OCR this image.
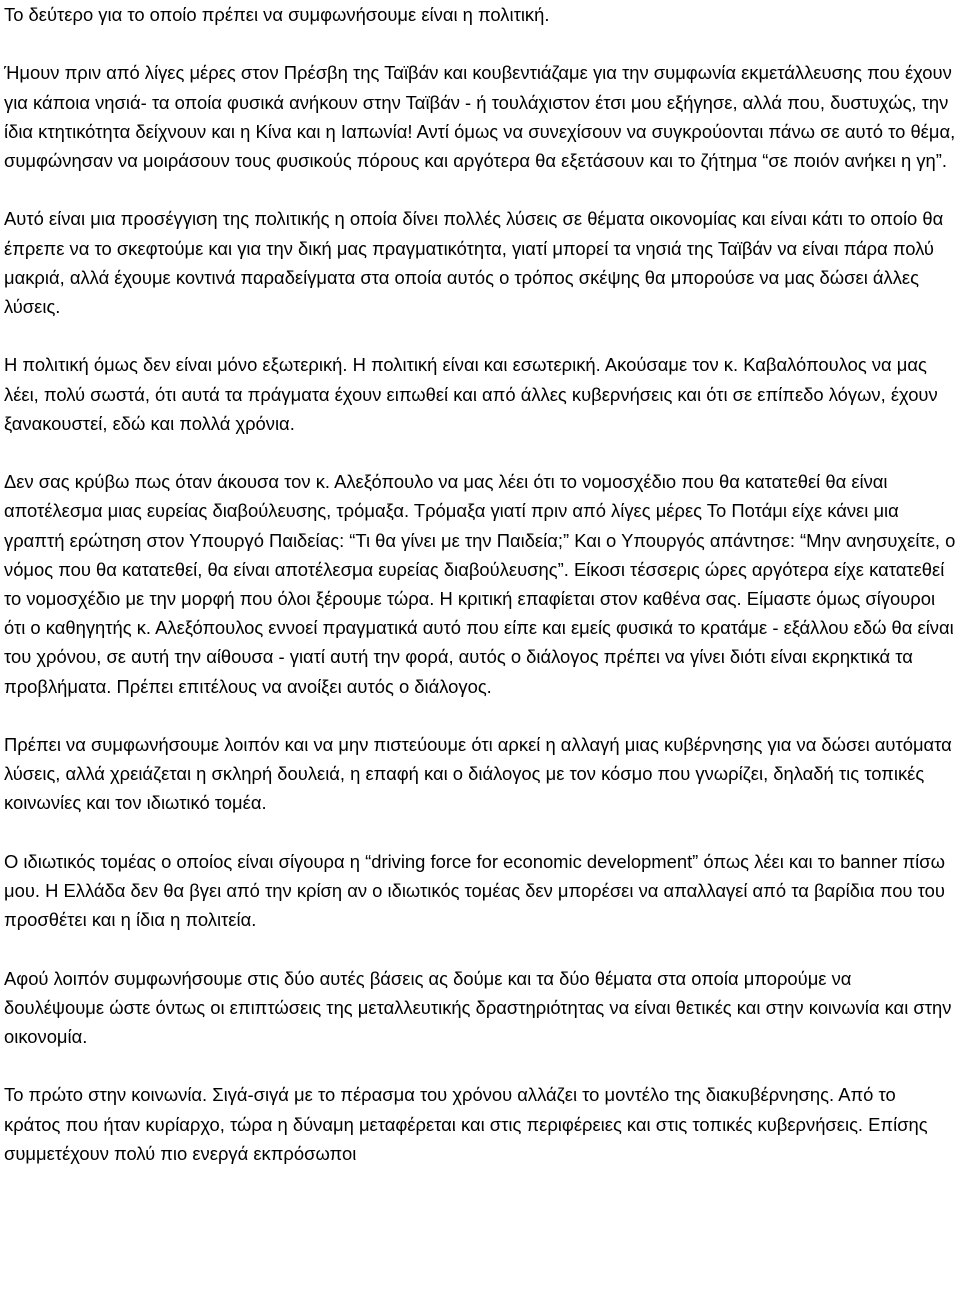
Το δεύτερο για το οποίο πρέπει να συμφωνήσουμε είναι η πολιτική.

Ήμουν πριν από λίγες μέρες στον Πρέσβη της Ταϊβάν και κουβεντιάζαμε για την συμφωνία εκμετάλλευσης που έχουν για κάποια νησιά- τα οποία φυσικά ανήκουν στην Ταϊβάν - ή τουλάχιστον έτσι μου εξήγησε, αλλά που, δυστυχώς, την ίδια κτητικότητα δείχνουν και η Κίνα και η Ιαπωνία! Αντί όμως να συνεχίσουν να συγκρούονται πάνω σε αυτό το θέμα, συμφώνησαν να μοιράσουν τους φυσικούς πόρους και αργότερα θα εξετάσουν και το ζήτημα “σε ποιόν ανήκει η γη”.

Αυτό είναι μια προσέγγιση της πολιτικής η οποία δίνει πολλές λύσεις σε θέματα οικονομίας και είναι κάτι το οποίο θα έπρεπε να το σκεφτούμε και για την δική μας πραγματικότητα, γιατί μπορεί τα νησιά της Ταϊβάν να είναι πάρα πολύ μακριά, αλλά έχουμε κοντινά παραδείγματα στα οποία αυτός ο τρόπος σκέψης θα μπορούσε να μας δώσει άλλες λύσεις.

Η πολιτική όμως δεν είναι μόνο εξωτερική. Η πολιτική είναι και εσωτερική. Ακούσαμε τον κ. Καβαλόπουλος να μας λέει, πολύ σωστά, ότι αυτά τα πράγματα έχουν ειπωθεί και από άλλες κυβερνήσεις και ότι σε επίπεδο λόγων, έχουν ξανακουστεί, εδώ και πολλά χρόνια.

Δεν σας κρύβω πως όταν άκουσα τον κ. Αλεξόπουλο να μας λέει ότι το νομοσχέδιο που θα κατατεθεί θα είναι αποτέλεσμα μιας ευρείας διαβούλευσης, τρόμαξα. Τρόμαξα γιατί πριν από λίγες μέρες Το Ποτάμι είχε κάνει μια γραπτή ερώτηση στον Υπουργό Παιδείας: “Τι θα γίνει με την Παιδεία;” Και ο Υπουργός απάντησε: “Μην ανησυχείτε, ο νόμος που θα κατατεθεί, θα είναι αποτέλεσμα ευρείας διαβούλευσης”. Είκοσι τέσσερις ώρες αργότερα είχε κατατεθεί το νομοσχέδιο με την μορφή που όλοι ξέρουμε τώρα. Η κριτική επαφίεται στον καθένα σας. Είμαστε όμως σίγουροι ότι ο καθηγητής κ. Αλεξόπουλος εννοεί πραγματικά αυτό που είπε και εμείς φυσικά το κρατάμε - εξάλλου εδώ θα είναι του χρόνου, σε αυτή την αίθουσα - γιατί αυτή την φορά, αυτός ο διάλογος πρέπει να γίνει διότι είναι εκρηκτικά τα προβλήματα. Πρέπει επιτέλους να ανοίξει αυτός ο διάλογος.

Πρέπει να συμφωνήσουμε λοιπόν και να μην πιστεύουμε ότι αρκεί η αλλαγή μιας κυβέρνησης για να δώσει αυτόματα λύσεις, αλλά χρειάζεται η σκληρή δουλειά, η επαφή και ο διάλογος με τον κόσμο που γνωρίζει, δηλαδή τις τοπικές κοινωνίες και τον ιδιωτικό τομέα.

Ο ιδιωτικός τομέας ο οποίος είναι σίγουρα η “driving force for economic development” όπως λέει και το banner πίσω μου. Η Ελλάδα δεν θα βγει από την κρίση αν ο ιδιωτικός τομέας δεν μπορέσει να απαλλαγεί από τα βαρίδια που του προσθέτει και η ίδια η πολιτεία.

Αφού λοιπόν συμφωνήσουμε στις δύο αυτές βάσεις ας δούμε και τα δύο θέματα στα οποία μπορούμε να δουλέψουμε ώστε όντως οι επιπτώσεις της μεταλλευτικής δραστηριότητας να είναι θετικές και στην κοινωνία και στην οικονομία.

Το πρώτο στην κοινωνία. Σιγά-σιγά με το πέρασμα του χρόνου αλλάζει το μοντέλο της διακυβέρνησης. Από το κράτος που ήταν κυρίαρχο, τώρα η δύναμη μεταφέρεται και στις περιφέρειες και στις τοπικές κυβερνήσεις. Επίσης συμμετέχουν πολύ πιο ενεργά εκπρόσωποι
